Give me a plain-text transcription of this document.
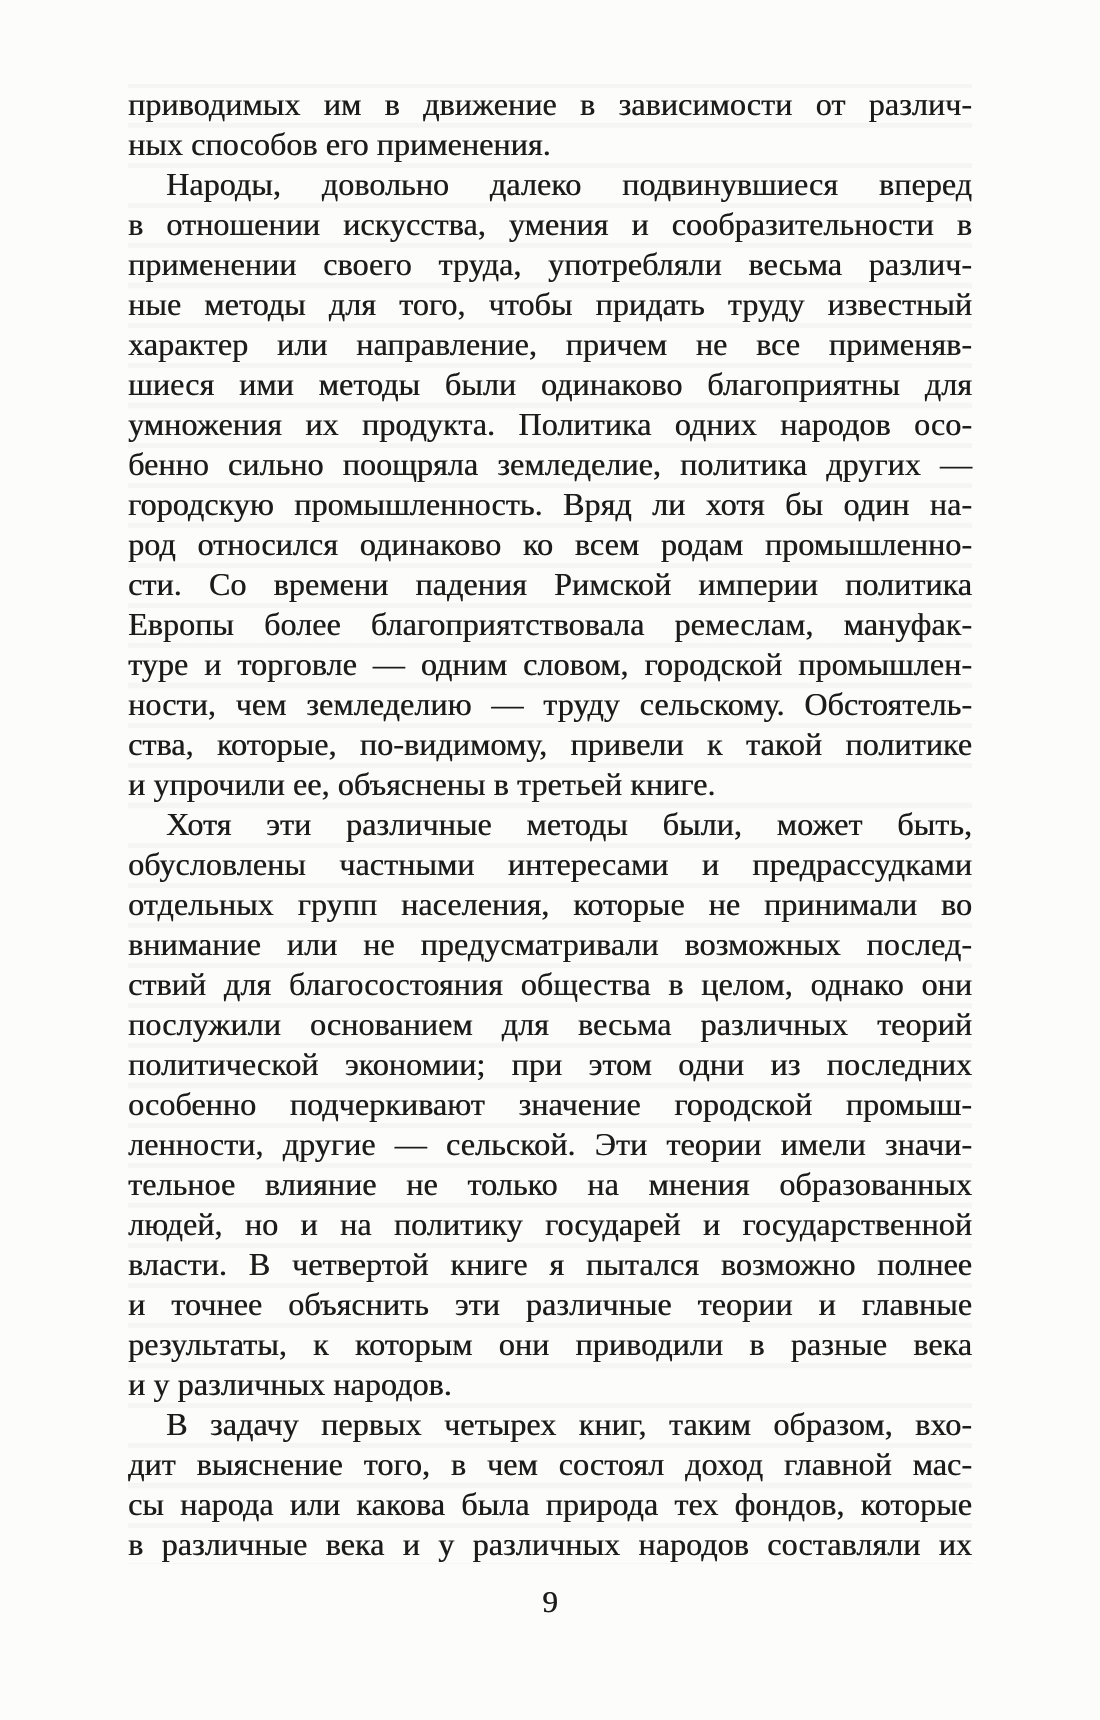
приводимых им в движение в зависимости от различ-
ных способов его применения.
Народы, довольно далеко подвинувшиеся вперед
в отношении искусства, умения и сообразительности в
применении своего труда, употребляли весьма различ-
ные методы для того, чтобы придать труду известный
характер или направление, причем не все применяв-
шиеся ими методы были одинаково благоприятны для
умножения их продукта. Политика одних народов осо-
бенно сильно поощряла земледелие, политика других —
городскую промышленность. Вряд ли хотя бы один на-
род относился одинаково ко всем родам промышленно-
сти. Со времени падения Римской империи политика
Европы более благоприятствовала ремеслам, мануфак-
туре и торговле — одним словом, городской промышлен-
ности, чем земледелию — труду сельскому. Обстоятель-
ства, которые, по-видимому, привели к такой политике
и упрочили ее, объяснены в третьей книге.
Хотя эти различные методы были, может быть,
обусловлены частными интересами и предрассудками
отдельных групп населения, которые не принимали во
внимание или не предусматривали возможных послед-
ствий для благосостояния общества в целом, однако они
послужили основанием для весьма различных теорий
политической экономии; при этом одни из последних
особенно подчеркивают значение городской промыш-
ленности, другие — сельской. Эти теории имели значи-
тельное влияние не только на мнения образованных
людей, но и на политику государей и государственной
власти. В четвертой книге я пытался возможно полнее
и точнее объяснить эти различные теории и главные
результаты, к которым они приводили в разные века
и у различных народов.
В задачу первых четырех книг, таким образом, вхо-
дит выяснение того, в чем состоял доход главной мас-
сы народа или какова была природа тех фондов, которые
в различные века и у различных народов составляли их
9
